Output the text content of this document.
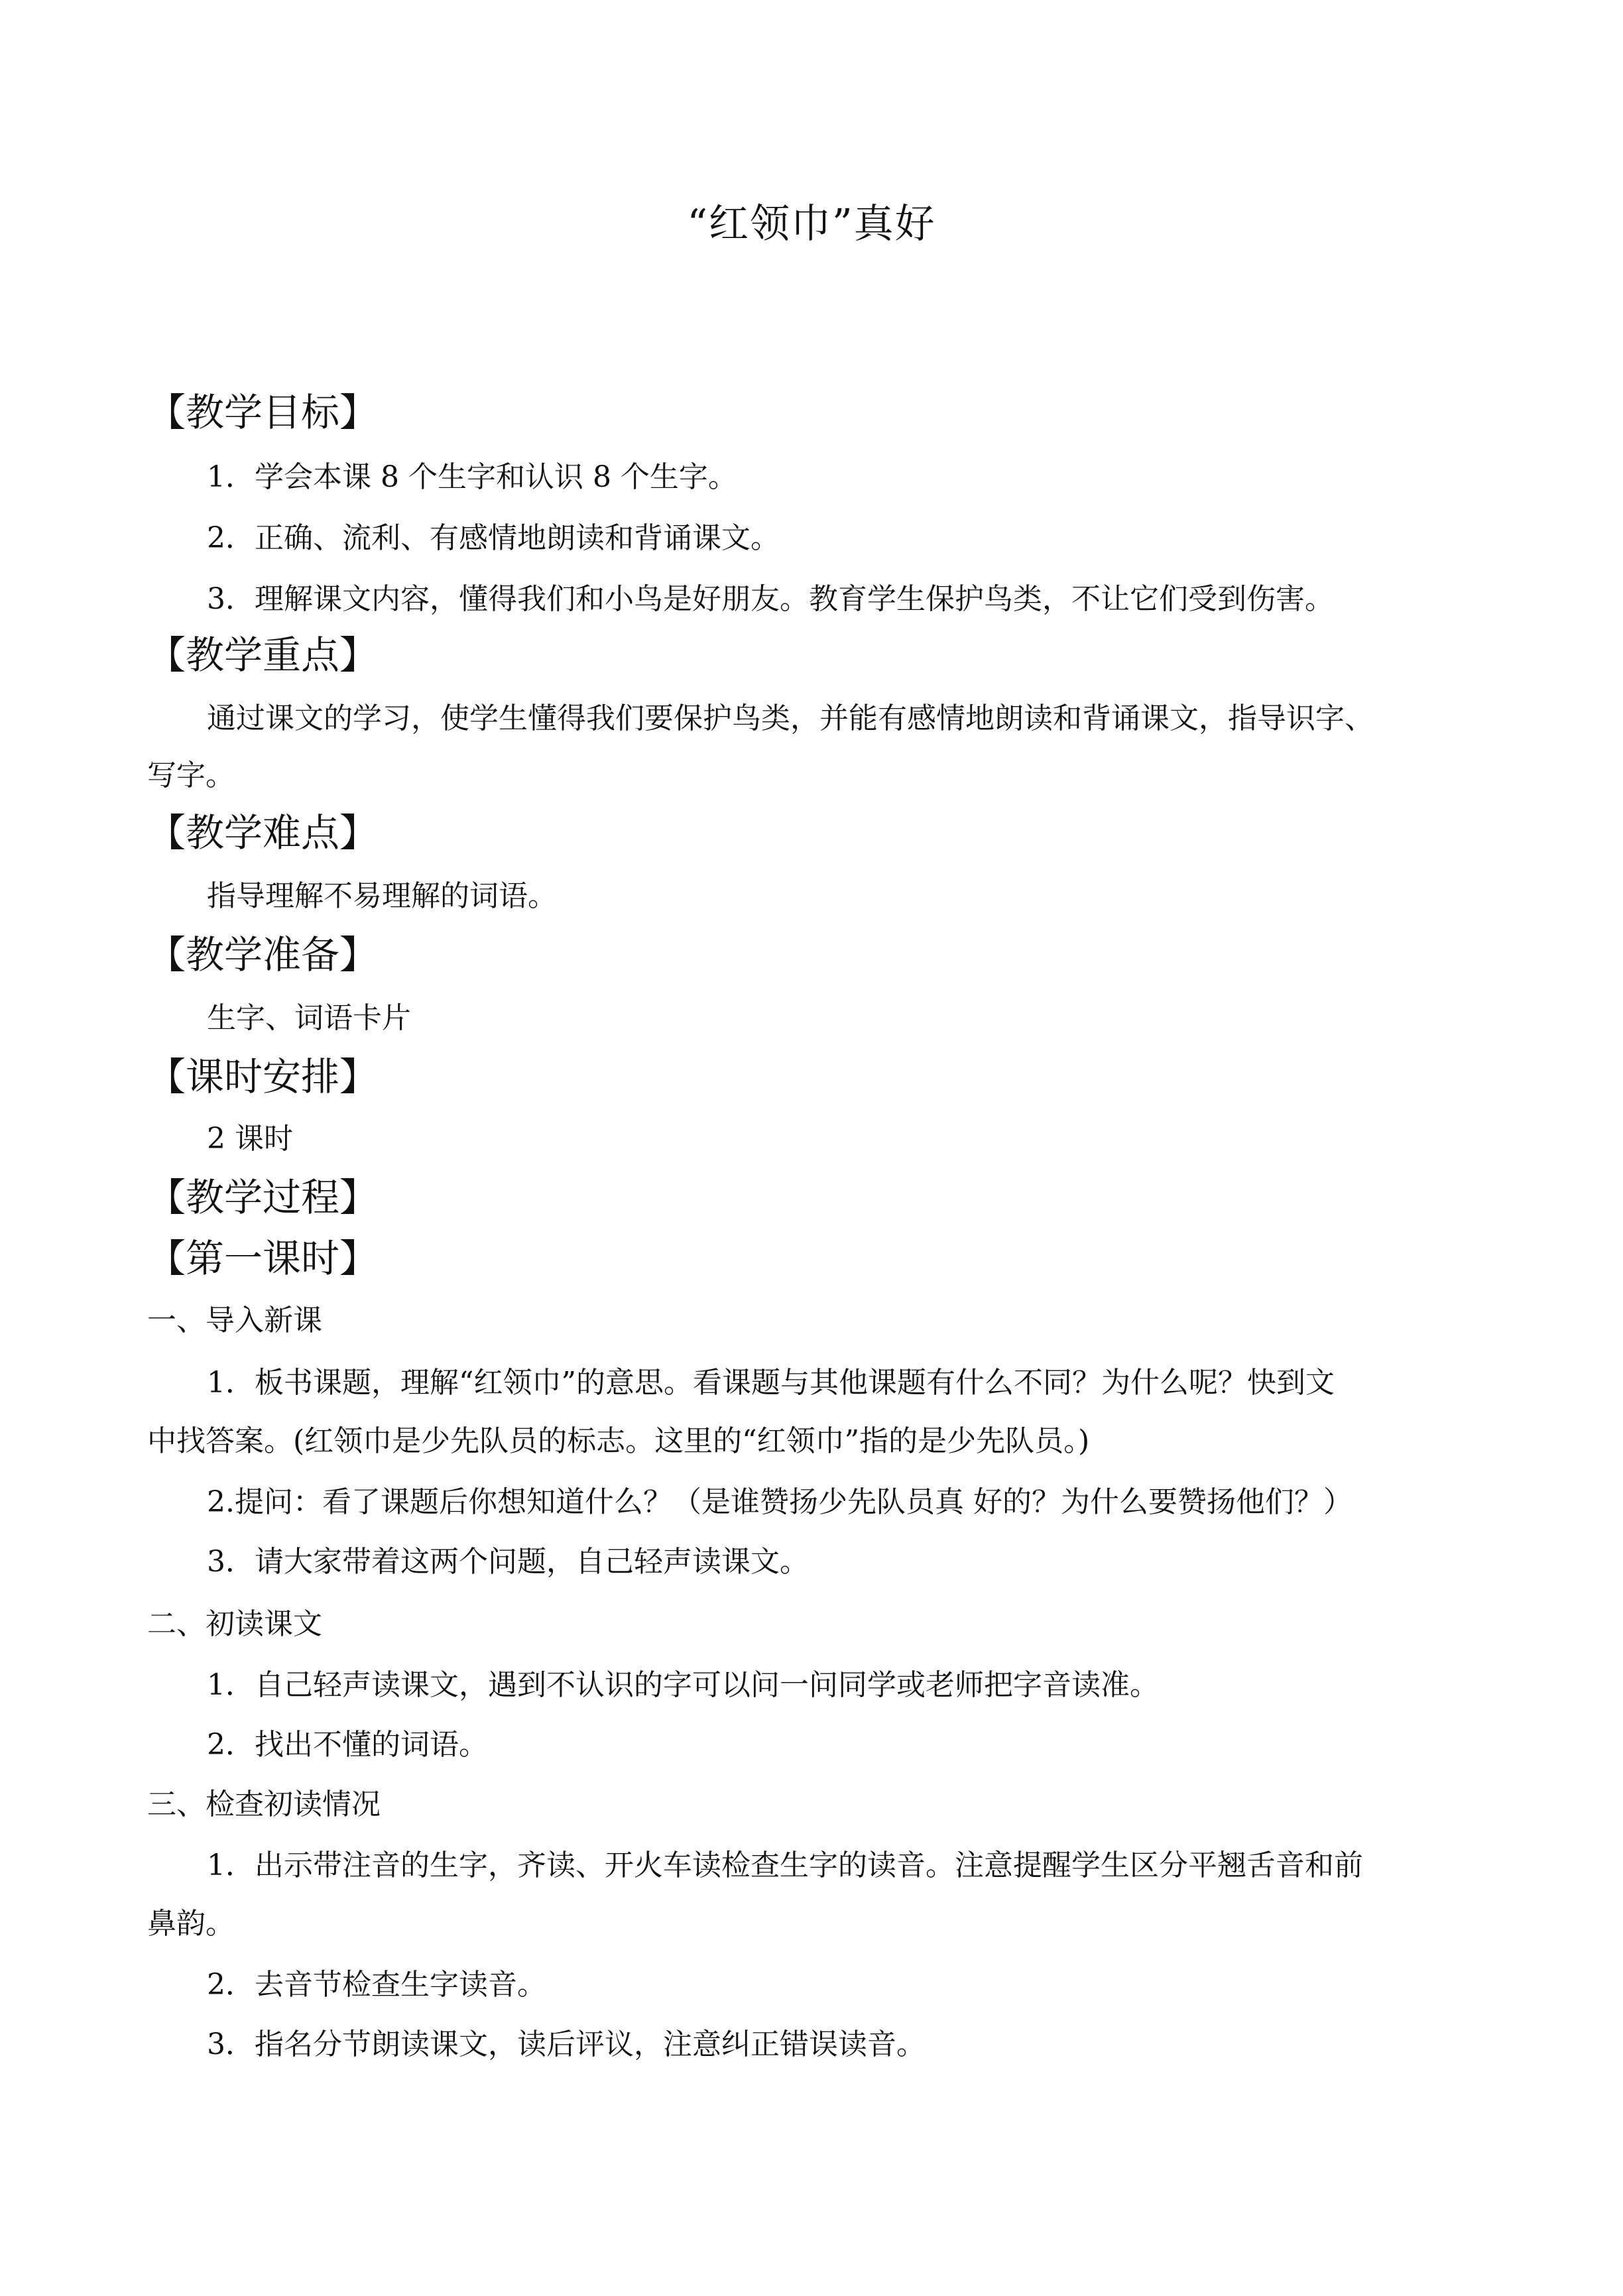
“红领巾”真好
【教学目标】
1．学会本课 8 个生字和认识 8 个生字。
2．正确、流利、有感情地朗读和背诵课文。
3．理解课文内容，懂得我们和小鸟是好朋友。教育学生保护鸟类，不让它们受到伤害。
【教学重点】
通过课文的学习，使学生懂得我们要保护鸟类，并能有感情地朗读和背诵课文，指导识字、
写字。
【教学难点】
指导理解不易理解的词语。
【教学准备】
生字、词语卡片
【课时安排】
2 课时
【教学过程】
【第一课时】
一、导入新课
1．板书课题，理解“红领巾”的意思。看课题与其他课题有什么不同？为什么呢？快到文
中找答案。(红领巾是少先队员的标志。这里的“红领巾”指的是少先队员。)
2.提问：看了课题后你想知道什么？（是谁赞扬少先队员真 好的？为什么要赞扬他们？）
3．请大家带着这两个问题，自己轻声读课文。
二、初读课文
1．自己轻声读课文，遇到不认识的字可以问一问同学或老师把字音读准。
2．找出不懂的词语。
三、检查初读情况
1．出示带注音的生字，齐读、开火车读检查生字的读音。注意提醒学生区分平翘舌音和前
鼻韵。
2．去音节检查生字读音。
3．指名分节朗读课文，读后评议，注意纠正错误读音。
